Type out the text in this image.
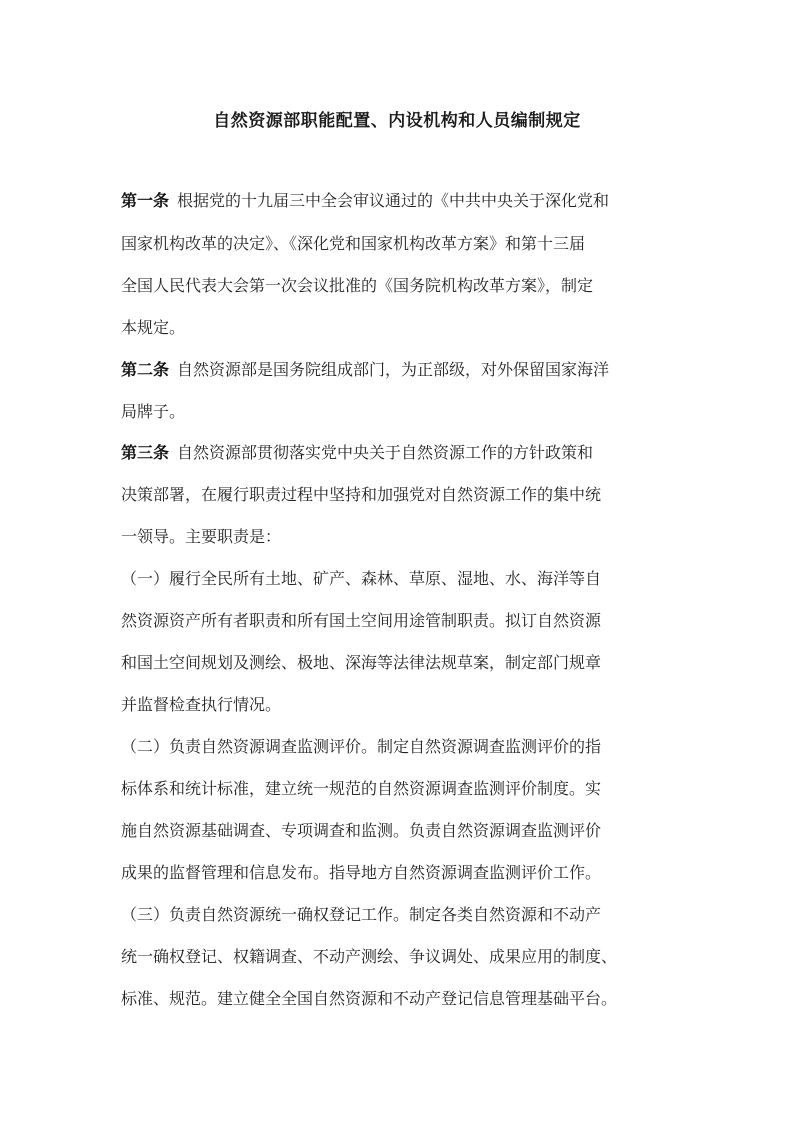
自然资源部职能配置、内设机构和人员编制规定
第一条 根据党的十九届三中全会审议通过的《中共中央关于深化党和
国家机构改革的决定》、《深化党和国家机构改革方案》和第十三届
全国人民代表大会第一次会议批准的《国务院机构改革方案》，制定
本规定。
第二条 自然资源部是国务院组成部门，为正部级，对外保留国家海洋
局牌子。
第三条 自然资源部贯彻落实党中央关于自然资源工作的方针政策和
决策部署，在履行职责过程中坚持和加强党对自然资源工作的集中统
一领导。主要职责是：
（一）履行全民所有土地、矿产、森林、草原、湿地、水、海洋等自
然资源资产所有者职责和所有国土空间用途管制职责。拟订自然资源
和国土空间规划及测绘、极地、深海等法律法规草案，制定部门规章
并监督检查执行情况。
（二）负责自然资源调查监测评价。制定自然资源调查监测评价的指
标体系和统计标准，建立统一规范的自然资源调查监测评价制度。实
施自然资源基础调查、专项调查和监测。负责自然资源调查监测评价
成果的监督管理和信息发布。指导地方自然资源调查监测评价工作。
（三）负责自然资源统一确权登记工作。制定各类自然资源和不动产
统一确权登记、权籍调查、不动产测绘、争议调处、成果应用的制度、
标准、规范。建立健全全国自然资源和不动产登记信息管理基础平台。
